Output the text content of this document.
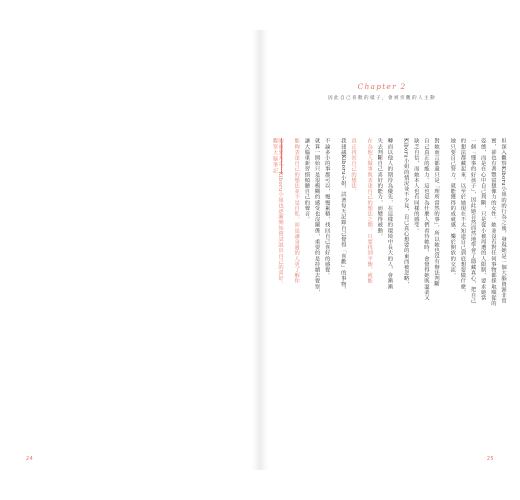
24
Chapter 2
因此自己喜歡的樣子，會被旁觀的人主動
觀察大腦筆記	但深入觀察Kiboru小姐的的行為之後，發現她是一個大腦資源非常
實，卻也有著豐富想像力的女性。她並沒有對任何事物都採取順從的
姿態，而是在心中自己判斷，只是從小被周遭的人限制，要求她當
一個「懂事的好孩子」，因此她自然而然地學會了隱藏真心，把自己
的想法都藏起來。以至於她現在不太知道自己到底想要做什麼。
她只要自己努力，就能獲得的成就感、樂於開放的交流，
對她而言都還只是「理所當然的事」，所以她也沒有辦法判斷
自己真正的能力。這也是為什麼人們看待她時，會覺得她既溫柔又
缺乏自信，而她本人也有同樣的感受。
Kiboru小姐的情況並不少見，自己真心想要的東西被忽略，
轉而以他人的期待為優先，在這樣的環境中長大的人，會漸漸
失去判斷自己喜好的能力，而變得被動。
在為他人做事與表達自己的想法之間，只要找到平衡，就能
真正找回自己的想法。
我建議Kiboru小姐，試著每天記錄自己覺得「喜歡」的事物，
不論多小的事都可以，慢慢累積，找回自己喜好的感覺。
就算一開始只是很模糊的感受也沒關係，重要的是持續去覺察，
讓大腦重新習慣傾聽自己的聲音。
能夠表達自己的想法並不是自私，而是讓身邊的人更了解你
的重要方式。Kiboru小姐也逐漸開始嘗試說出自己的喜好。
25
